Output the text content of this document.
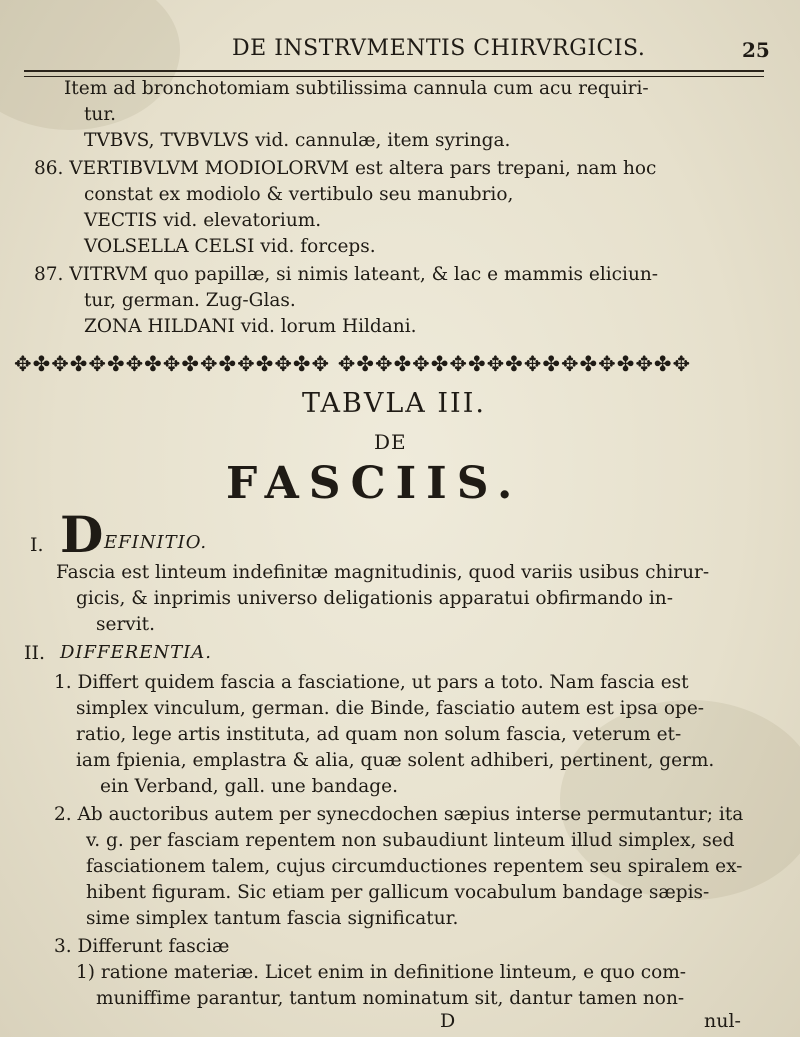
DE INSTRVMENTIS CHIRVRGICIS.	25
Item ad bronchotomiam subtilissima cannula cum acu requiri-
tur.
TVBVS, TVBVLVS vid. cannulæ, item syringa.
86. VERTIBVLVM MODIOLORVM est altera pars trepani, nam hoc
constat ex modiolo & vertibulo seu manubrio,
VECTIS vid. elevatorium.
VOLSELLA CELSI vid. forceps.
87. VITRVM quo papillæ, si nimis lateant, & lac e mammis eliciun-
tur, german. Zug-Glas.
ZONA HILDANI vid. lorum Hildani.
✥✤✥✤✥✤✥✤✥✤✥✤✥✤✥✤✥ ✥✤✥✤✥✤✥✤✥✤✥✤✥✤✥✤✥✤✥
TABVLA III.
DE
FASCIIS.
I. D EFINITIO.
Fascia est linteum indefinitæ magnitudinis, quod variis usibus chirur-
gicis, & inprimis universo deligationis apparatui obfirmando in-
servit.
II. DIFFERENTIA.
1. Differt quidem fascia a fasciatione, ut pars a toto. Nam fascia est
simplex vinculum, german. die Binde, fasciatio autem est ipsa ope-
ratio, lege artis instituta, ad quam non solum fascia, veterum et-
iam fpienia, emplastra & alia, quæ solent adhiberi, pertinent, germ.
ein Verband, gall. une bandage.
2. Ab auctoribus autem per synecdochen sæpius interse permutantur; ita
v. g. per fasciam repentem non subaudiunt linteum illud simplex, sed
fasciationem talem, cujus circumductiones repentem seu spiralem ex-
hibent figuram. Sic etiam per gallicum vocabulum bandage sæpis-
sime simplex tantum fascia significatur.
3. Differunt fasciæ
1) ratione materiæ. Licet enim in definitione linteum, e quo com-
muniffime parantur, tantum nominatum sit, dantur tamen non-
D	nul-
